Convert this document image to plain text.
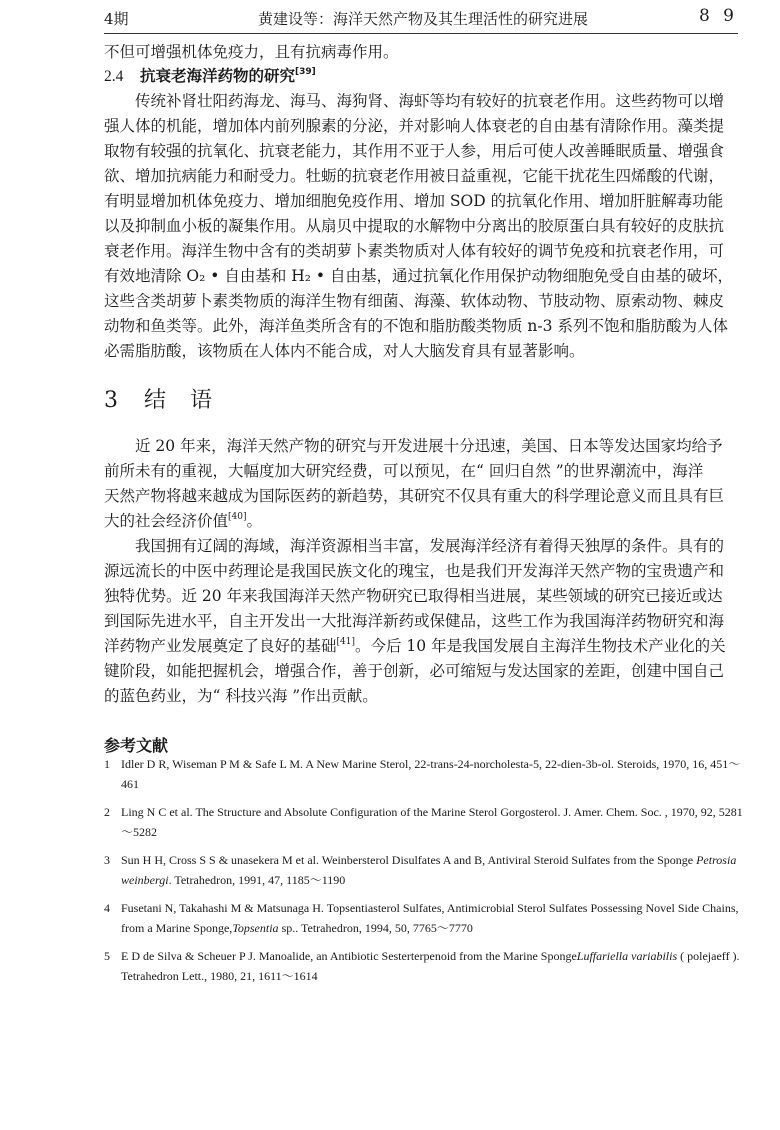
4期	黄建设等：海洋天然产物及其生理活性的研究进展	8 9
不但可增强机体免疫力，且有抗病毒作用。
2.4 抗衰老海洋药物的研究[39]
传统补肾壮阳药海龙、海马、海狗肾、海虾等均有较好的抗衰老作用。这些药物可以增
强人体的机能，增加体内前列腺素的分泌，并对影响人体衰老的自由基有清除作用。藻类提
取物有较强的抗氧化、抗衰老能力，其作用不亚于人参，用后可使人改善睡眠质量、增强食
欲、增加抗病能力和耐受力。牡蛎的抗衰老作用被日益重视，它能干扰花生四烯酸的代谢，
有明显增加机体免疫力、增加细胞免疫作用、增加 SOD 的抗氧化作用、增加肝脏解毒功能
以及抑制血小板的凝集作用。从扇贝中提取的水解物中分离出的胶原蛋白具有较好的皮肤抗
衰老作用。海洋生物中含有的类胡萝卜素类物质对人体有较好的调节免疫和抗衰老作用，可
有效地清除 O₂ • 自由基和 H₂ • 自由基，通过抗氧化作用保护动物细胞免受自由基的破坏，
这些含类胡萝卜素类物质的海洋生物有细菌、海藻、软体动物、节肢动物、原索动物、棘皮
动物和鱼类等。此外，海洋鱼类所含有的不饱和脂肪酸类物质 n-3 系列不饱和脂肪酸为人体
必需脂肪酸，该物质在人体内不能合成，对人大脑发育具有显著影响。
3 结 语
近 20 年来，海洋天然产物的研究与开发进展十分迅速，美国、日本等发达国家均给予
前所未有的重视，大幅度加大研究经费，可以预见，在“ 回归自然 ”的世界潮流中，海洋
天然产物将越来越成为国际医药的新趋势，其研究不仅具有重大的科学理论意义而且具有巨
大的社会经济价值[40]。
我国拥有辽阔的海域，海洋资源相当丰富，发展海洋经济有着得天独厚的条件。具有的
源远流长的中医中药理论是我国民族文化的瑰宝，也是我们开发海洋天然产物的宝贵遗产和
独特优势。近 20 年来我国海洋天然产物研究已取得相当进展，某些领域的研究已接近或达
到国际先进水平，自主开发出一大批海洋新药或保健品，这些工作为我国海洋药物研究和海
洋药物产业发展奠定了良好的基础[41]。今后 10 年是我国发展自主海洋生物技术产业化的关
键阶段，如能把握机会，增强合作，善于创新，必可缩短与发达国家的差距，创建中国自己
的蓝色药业，为“ 科技兴海 ”作出贡献。
参考文献
1 Idler D R, Wiseman P M & Safe L M. A New Marine Sterol, 22-trans-24-norcholesta-5, 22-dien-3b-ol. Steroids, 1970, 16, 451～
461
2 Ling N C et al. The Structure and Absolute Configuration of the Marine Sterol Gorgosterol. J. Amer. Chem. Soc. , 1970, 92, 5281
～5282
3 Sun H H, Cross S S & unasekera M et al. Weinbersterol Disulfates A and B, Antiviral Steroid Sulfates from the Sponge Petrosia
weinbergi. Tetrahedron, 1991, 47, 1185～1190
4 Fusetani N, Takahashi M & Matsunaga H. Topsentiasterol Sulfates, Antimicrobial Sterol Sulfates Possessing Novel Side Chains,
from a Marine Sponge,Topsentia sp.. Tetrahedron, 1994, 50, 7765～7770
5 E D de Silva & Scheuer P J. Manoalide, an Antibiotic Sesterterpenoid from the Marine SpongeLuffariella variabilis ( polejaeff ).
Tetrahedron Lett., 1980, 21, 1611～1614
